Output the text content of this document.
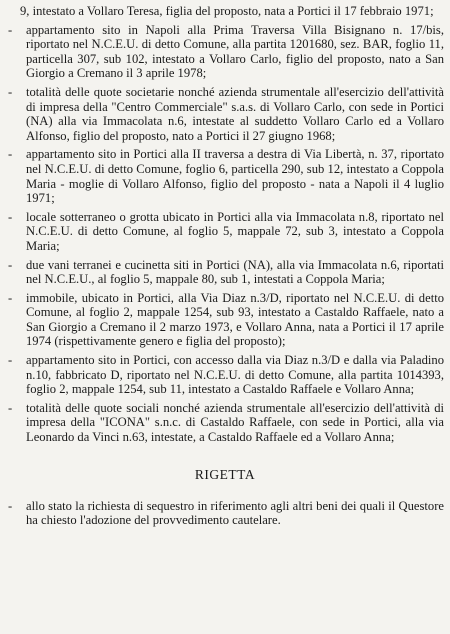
9, intestato a Vollaro Teresa, figlia del proposto, nata a Portici il 17 febbraio 1971;

- appartamento sito in Napoli alla Prima Traversa Villa Bisignano n. 17/bis, riportato nel N.C.E.U. di detto Comune, alla partita 1201680, sez. BAR, foglio 11, particella 307, sub 102, intestato a Vollaro Carlo, figlio del proposto, nato a San Giorgio a Cremano il 3 aprile 1978;

- totalità delle quote societarie nonché azienda strumentale all'esercizio dell'attività di impresa della "Centro Commerciale" s.a.s. di Vollaro Carlo, con sede in Portici (NA) alla via Immacolata n.6, intestate al suddetto Vollaro Carlo ed a Vollaro Alfonso, figlio del proposto, nato a Portici il 27 giugno 1968;

- appartamento sito in Portici alla II traversa a destra di Via Libertà, n. 37, riportato nel N.C.E.U. di detto Comune, foglio 6, particella 290, sub 12, intestato a Coppola Maria - moglie di Vollaro Alfonso, figlio del proposto - nata a Napoli il 4 luglio 1971;

- locale sotterraneo o grotta ubicato in Portici alla via Immacolata n.8, riportato nel N.C.E.U. di detto Comune, al foglio 5, mappale 72, sub 3, intestato a Coppola Maria;

- due vani terranei e cucinetta siti in Portici (NA), alla via Immacolata n.6, riportati nel N.C.E.U., al foglio 5, mappale 80, sub 1, intestati a Coppola Maria;

- immobile, ubicato in Portici, alla Via Diaz n.3/D, riportato nel N.C.E.U. di detto Comune, al foglio 2, mappale 1254, sub 93, intestato a Castaldo Raffaele, nato a San Giorgio a Cremano il 2 marzo 1973, e Vollaro Anna, nata a Portici il 17 aprile 1974 (rispettivamente genero e figlia del proposto);

- appartamento sito in Portici, con accesso dalla via Diaz n.3/D e dalla via Paladino n.10, fabbricato D, riportato nel N.C.E.U. di detto Comune, alla partita 1014393, foglio 2, mappale 1254, sub 11, intestato a Castaldo Raffaele e Vollaro Anna;

- totalità delle quote sociali nonché azienda strumentale all'esercizio dell'attività di impresa della "ICONA" s.n.c. di Castaldo Raffaele, con sede in Portici, alla via Leonardo da Vinci n.63, intestate, a Castaldo Raffaele ed a Vollaro Anna;

RIGETTA

- allo stato la richiesta di sequestro in riferimento agli altri beni dei quali il Questore ha chiesto l'adozione del provvedimento cautelare.
